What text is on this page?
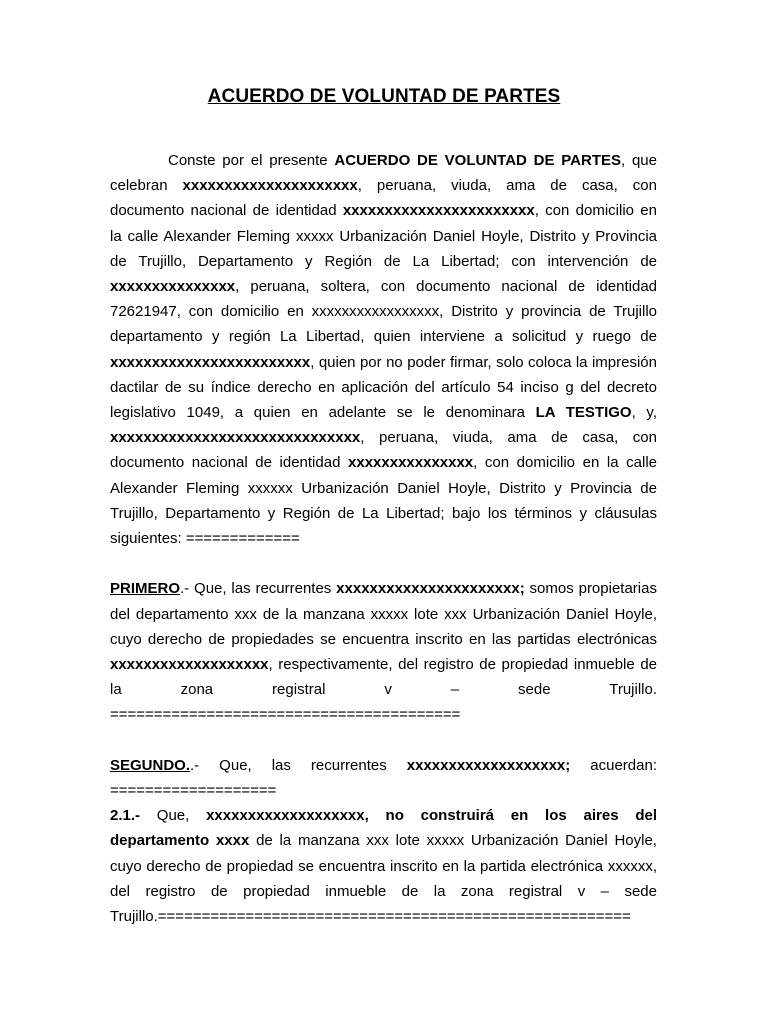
ACUERDO DE VOLUNTAD DE PARTES

Conste por el presente ACUERDO DE VOLUNTAD DE PARTES, que celebran xxxxxxxxxxxxxxxxxxxxx, peruana, viuda, ama de casa, con documento nacional de identidad xxxxxxxxxxxxxxxxxxxxxxx, con domicilio en la calle Alexander Fleming xxxxx Urbanización Daniel Hoyle, Distrito y Provincia de Trujillo, Departamento y Región de La Libertad; con intervención de xxxxxxxxxxxxxxx, peruana, soltera, con documento nacional de identidad 72621947, con domicilio en xxxxxxxxxxxxxxxxx, Distrito y provincia de Trujillo departamento y región La Libertad, quien interviene a solicitud y ruego de xxxxxxxxxxxxxxxxxxxxxxxx, quien por no poder firmar, solo coloca la impresión dactilar de su índice derecho en aplicación del artículo 54 inciso g del decreto legislativo 1049, a quien en adelante se le denominara LA TESTIGO, y, xxxxxxxxxxxxxxxxxxxxxxxxxxxxxx, peruana, viuda, ama de casa, con documento nacional de identidad xxxxxxxxxxxxxxx, con domicilio en la calle Alexander Fleming xxxxxx Urbanización Daniel Hoyle, Distrito y Provincia de Trujillo, Departamento y Región de La Libertad; bajo los términos y cláusulas siguientes: =============

PRIMERO.- Que, las recurrentes xxxxxxxxxxxxxxxxxxxxxx; somos propietarias del departamento xxx de la manzana xxxxx lote xxx Urbanización Daniel Hoyle, cuyo derecho de propiedades se encuentra inscrito en las partidas electrónicas xxxxxxxxxxxxxxxxxxx, respectivamente, del registro de propiedad inmueble de la zona registral v – sede Trujillo. ========================================

SEGUNDO..- Que, las recurrentes xxxxxxxxxxxxxxxxxxx; acuerdan: ===================

2.1.- Que, xxxxxxxxxxxxxxxxxxx, no construirá en los aires del departamento xxxx de la manzana xxx lote xxxxx Urbanización Daniel Hoyle, cuyo derecho de propiedad se encuentra inscrito en la partida electrónica xxxxxx, del registro de propiedad inmueble de la zona registral v – sede Trujillo.======================================================
